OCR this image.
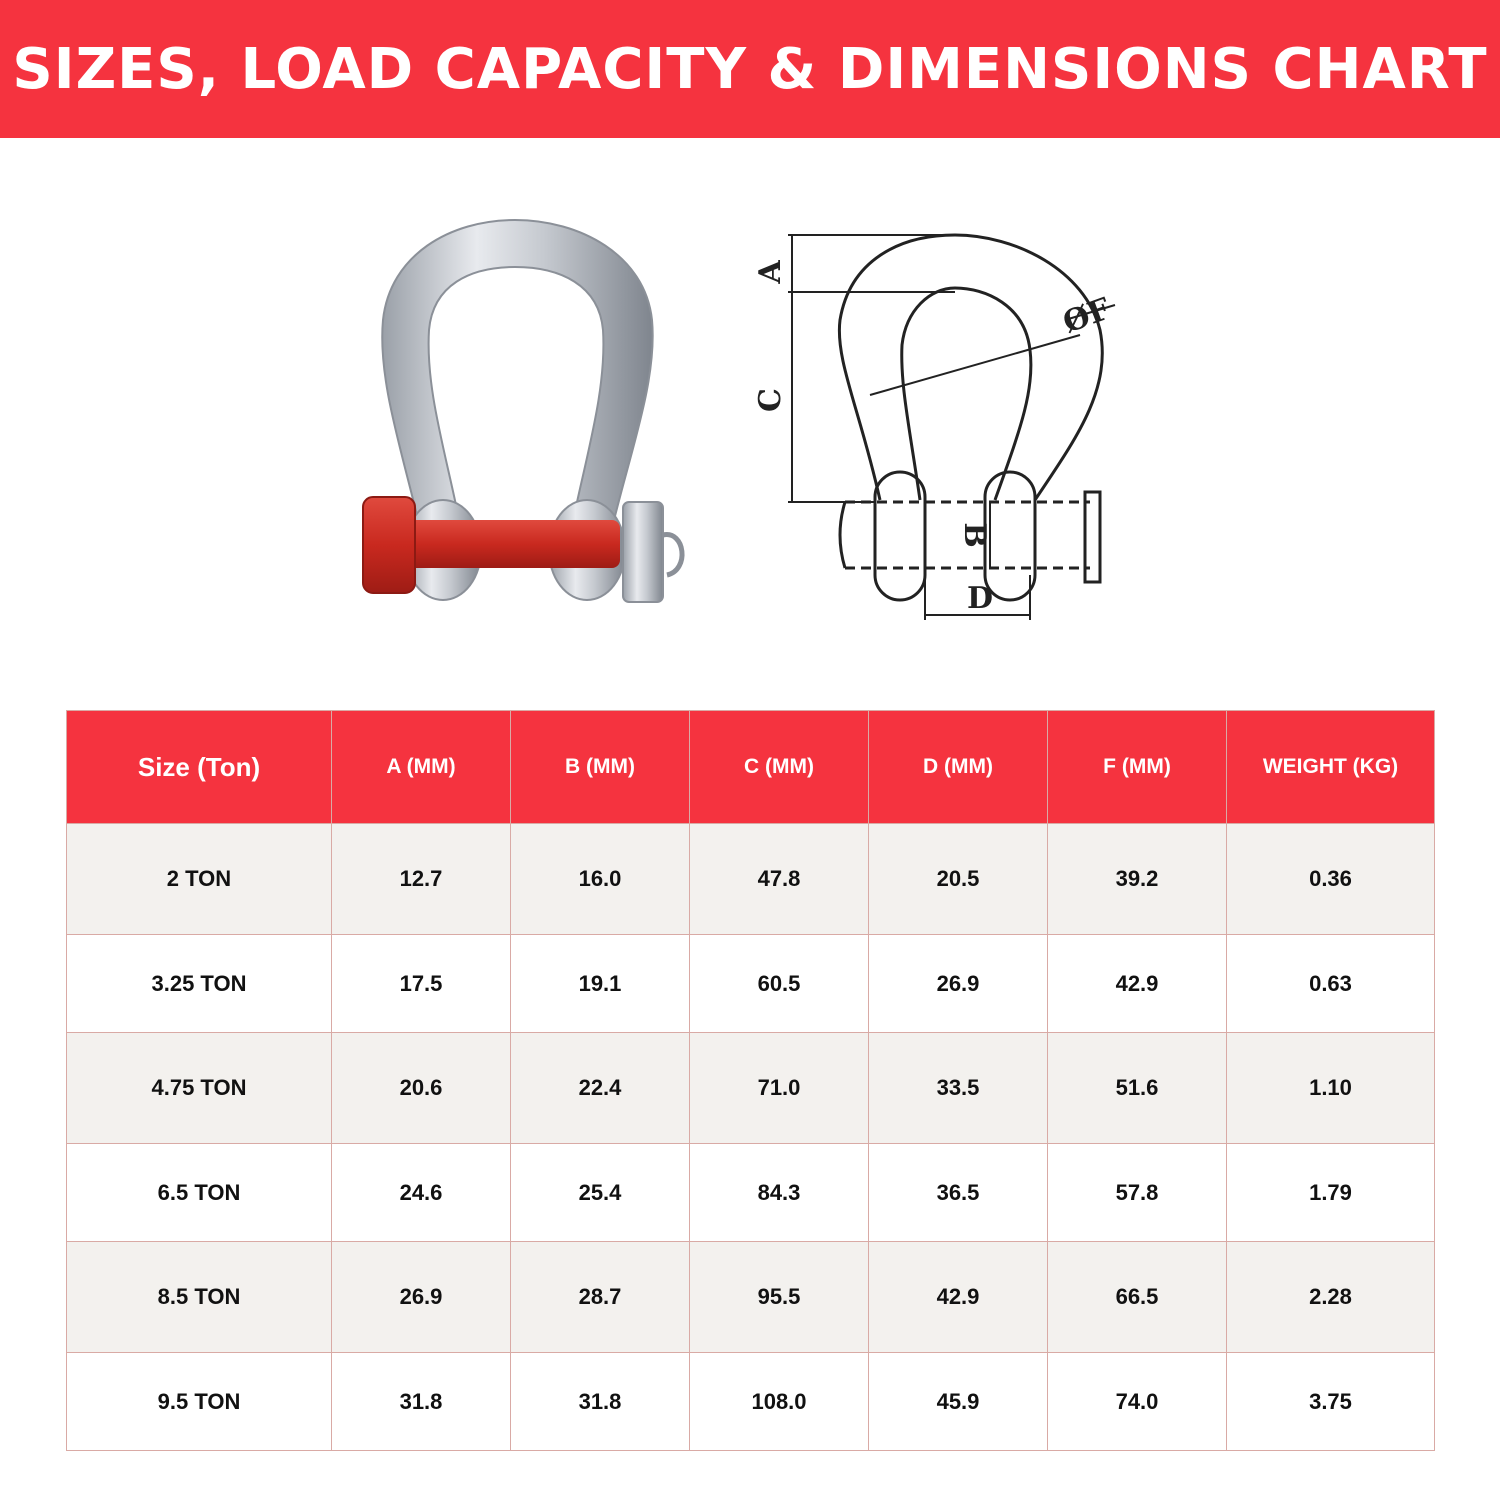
SIZES, LOAD CAPACITY & DIMENSIONS CHART
A
C
B
D
ØF
Size (Ton)	A (MM)	B (MM)	C (MM)	D (MM)	F (MM)	WEIGHT (KG)
2 TON	12.7	16.0	47.8	20.5	39.2	0.36
3.25 TON	17.5	19.1	60.5	26.9	42.9	0.63
4.75 TON	20.6	22.4	71.0	33.5	51.6	1.10
6.5 TON	24.6	25.4	84.3	36.5	57.8	1.79
8.5 TON	26.9	28.7	95.5	42.9	66.5	2.28
9.5 TON	31.8	31.8	108.0	45.9	74.0	3.75
